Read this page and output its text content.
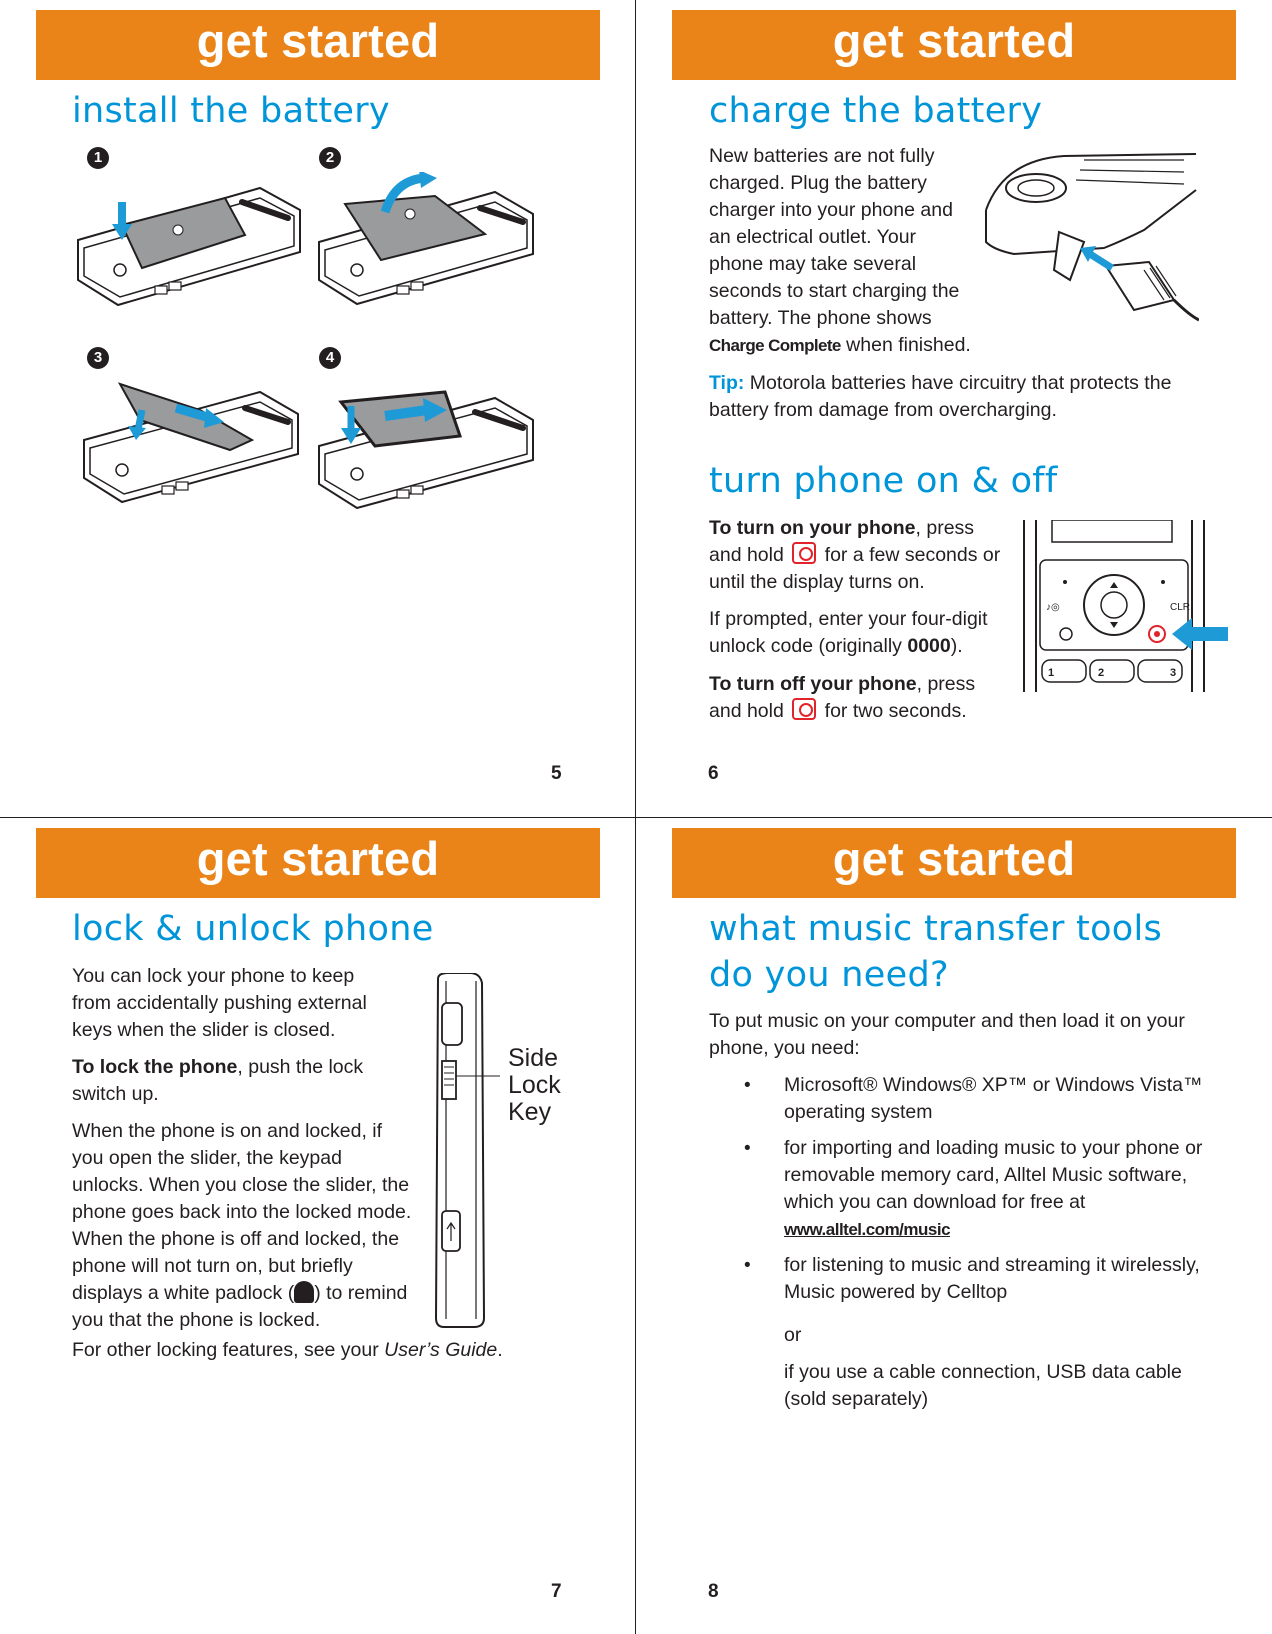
get started
install the battery
1	2
3	4
5
get started
charge the battery

New batteries are not fully charged. Plug the battery charger into your phone and an electrical outlet. Your phone may take several seconds to start charging the battery. The phone shows Charge Complete when finished.

Tip: Motorola batteries have circuitry that protects the battery from damage from overcharging.

turn phone on & off

To turn on your phone, press and hold  for a few seconds or until the display turns on.

If prompted, enter your four-digit unlock code (originally 0000).

To turn off your phone, press and hold  for two seconds.

♪◎	CLR
1	2	3
6
get started
lock & unlock phone

You can lock your phone to keep from accidentally pushing external keys when the slider is closed.

To lock the phone, push the lock switch up.

When the phone is on and locked, if you open the slider, the keypad unlocks. When you close the slider, the phone goes back into the locked mode. When the phone is off and locked, the phone will not turn on, but briefly displays a white padlock ( ) to remind you that the phone is locked.

For other locking features, see your User’s Guide.

Side
Lock
Key
7
get started
what music transfer tools
do you need?

To put music on your computer and then load it on your phone, you need:

• Microsoft® Windows® XP™ or Windows Vista™ operating system
• for importing and loading music to your phone or removable memory card, Alltel Music software, which you can download for free at
www.alltel.com/music
• for listening to music and streaming it wirelessly, Music powered by Celltop

or

if you use a cable connection, USB data cable (sold separately)

8
